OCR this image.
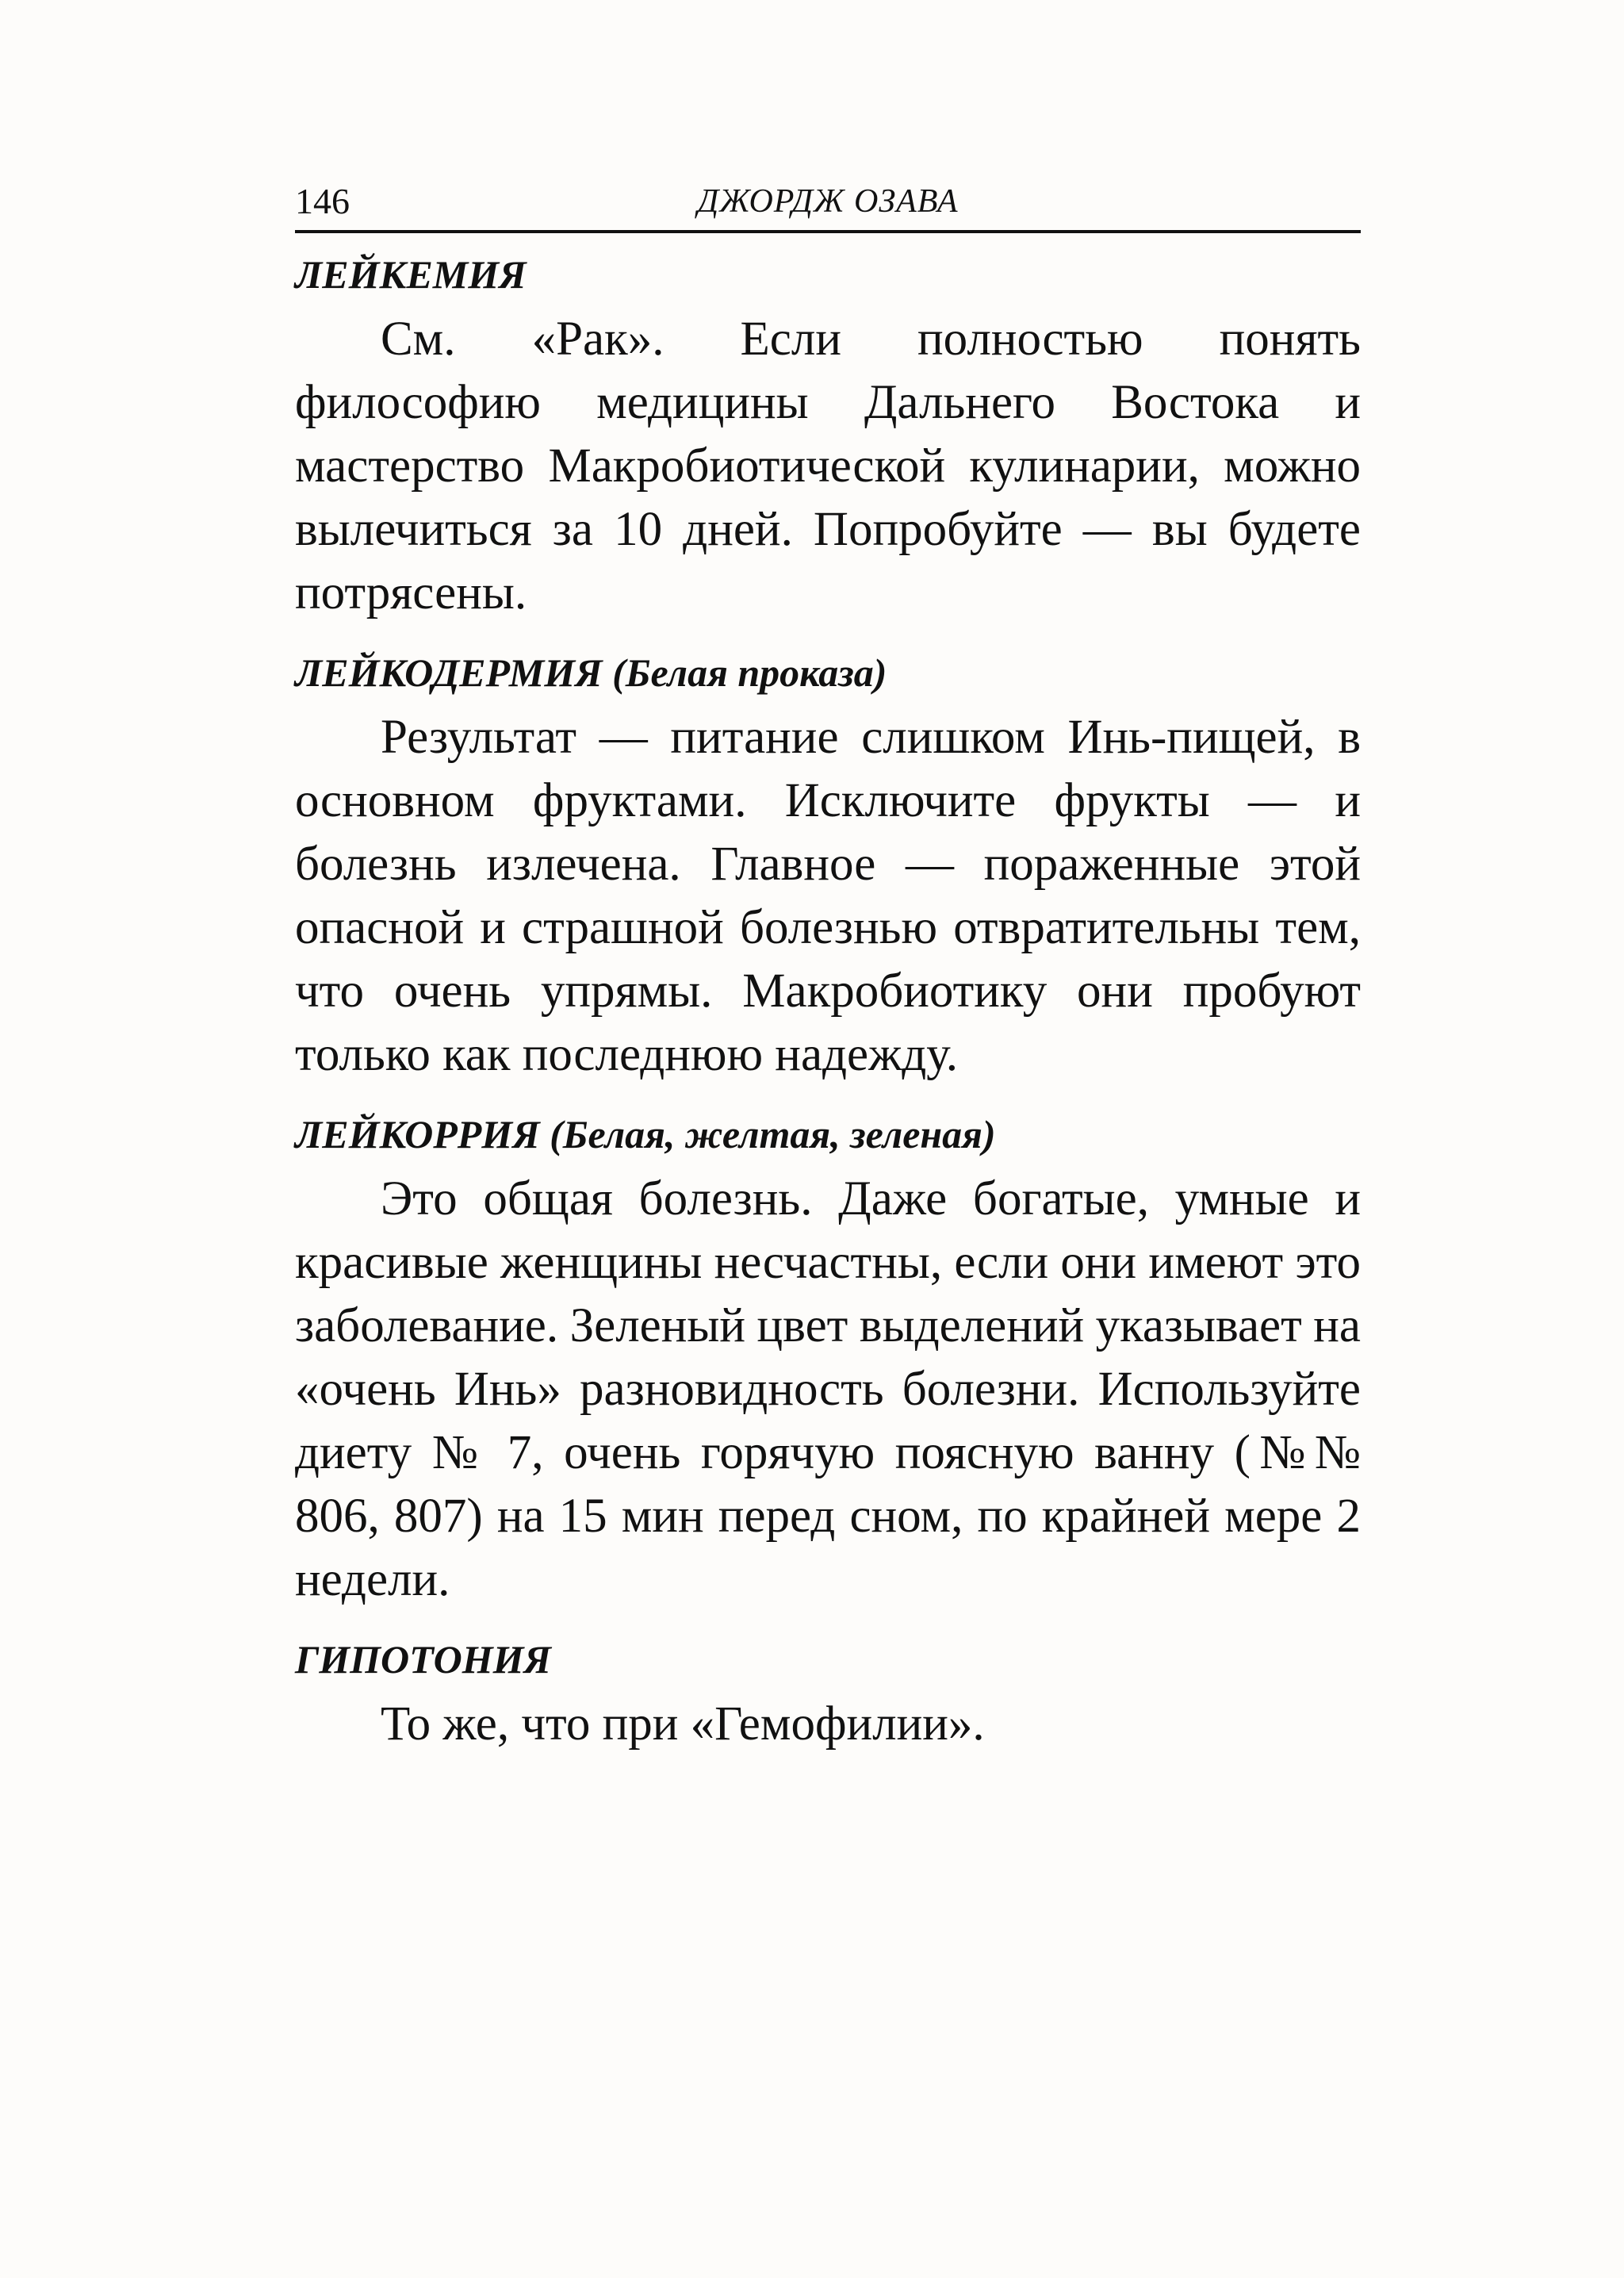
146	ДЖОРДЖ ОЗАВА
ЛЕЙКЕМИЯ

См. «Рак». Если полностью понять философию медицины Дальнего Востока и мастерство Макробиотической кулинарии, можно вылечиться за 10 дней. Попробуйте — вы будете потрясены.

ЛЕЙКОДЕРМИЯ (Белая проказа)

Результат — питание слишком Инь-пищей, в основном фруктами. Исключите фрукты — и болезнь излечена. Главное — пораженные этой опасной и страшной болезнью отвратительны тем, что очень упрямы. Макробиотику они пробуют только как последнюю надежду.

ЛЕЙКОРРИЯ (Белая, желтая, зеленая)

Это общая болезнь. Даже богатые, умные и красивые женщины несчастны, если они имеют это заболевание. Зеленый цвет выделений указывает на «очень Инь» разновидность болезни. Используйте диету № 7, очень горячую поясную ванну (№№ 806, 807) на 15 мин перед сном, по крайней мере 2 недели.

ГИПОТОНИЯ

То же, что при «Гемофилии».
